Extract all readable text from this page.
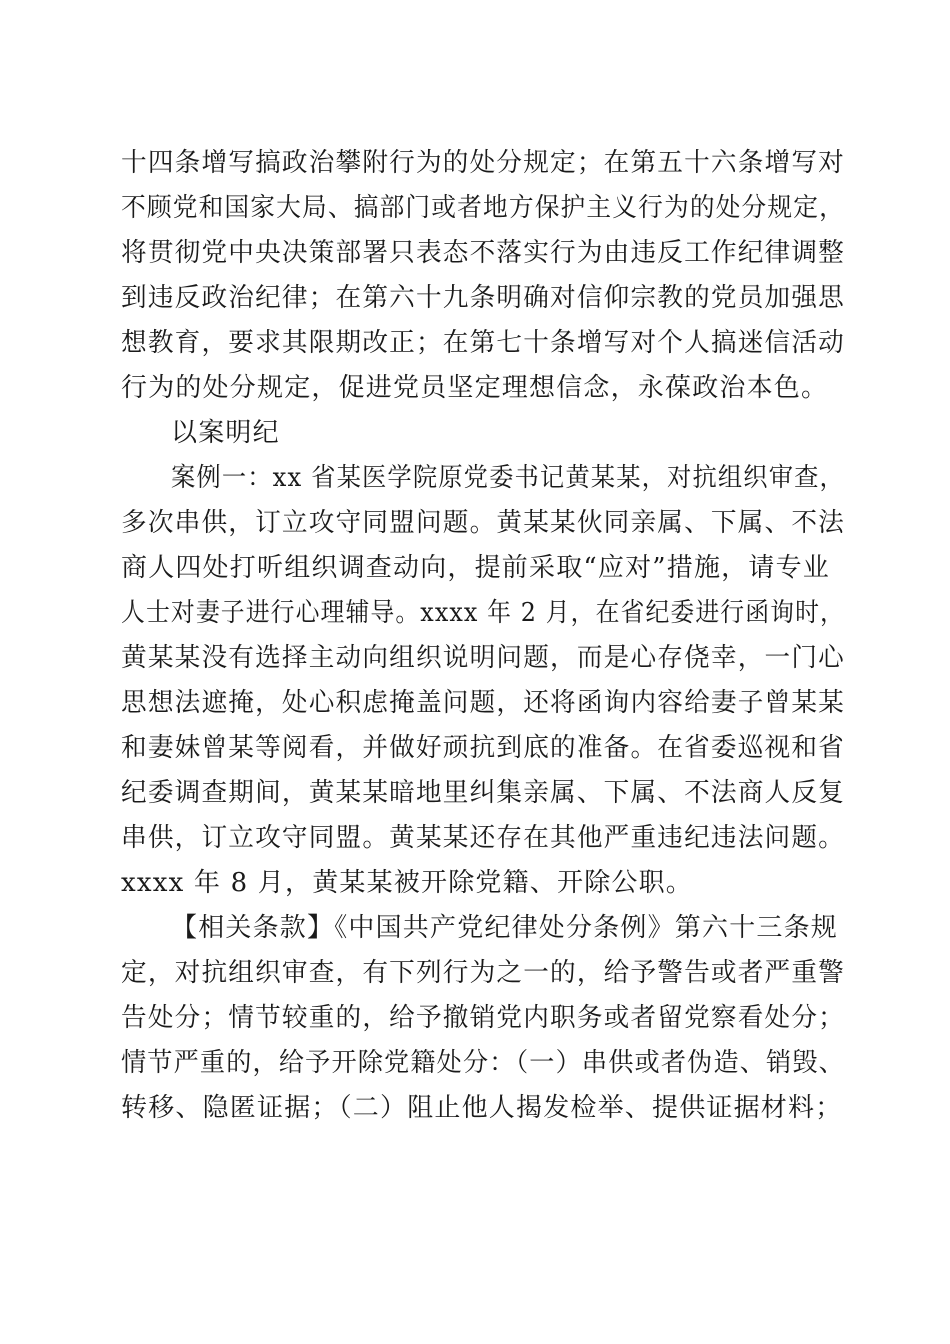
十四条增写搞政治攀附行为的处分规定；在第五十六条增写对
不顾党和国家大局、搞部门或者地方保护主义行为的处分规定，
将贯彻党中央决策部署只表态不落实行为由违反工作纪律调整
到违反政治纪律；在第六十九条明确对信仰宗教的党员加强思
想教育，要求其限期改正；在第七十条增写对个人搞迷信活动
行为的处分规定，促进党员坚定理想信念，永葆政治本色。
以案明纪
案例一：xx 省某医学院原党委书记黄某某，对抗组织审查，
多次串供，订立攻守同盟问题。黄某某伙同亲属、下属、不法
商人四处打听组织调查动向，提前采取“应对”措施，请专业
人士对妻子进行心理辅导。xxxx 年 2 月，在省纪委进行函询时，
黄某某没有选择主动向组织说明问题，而是心存侥幸，一门心
思想法遮掩，处心积虑掩盖问题，还将函询内容给妻子曾某某
和妻妹曾某等阅看，并做好顽抗到底的准备。在省委巡视和省
纪委调查期间，黄某某暗地里纠集亲属、下属、不法商人反复
串供，订立攻守同盟。黄某某还存在其他严重违纪违法问题。
xxxx 年 8 月，黄某某被开除党籍、开除公职。
【相关条款】《中国共产党纪律处分条例》第六十三条规
定，对抗组织审查，有下列行为之一的，给予警告或者严重警
告处分；情节较重的，给予撤销党内职务或者留党察看处分；
情节严重的，给予开除党籍处分：（一）串供或者伪造、销毁、
转移、隐匿证据；（二）阻止他人揭发检举、提供证据材料；
